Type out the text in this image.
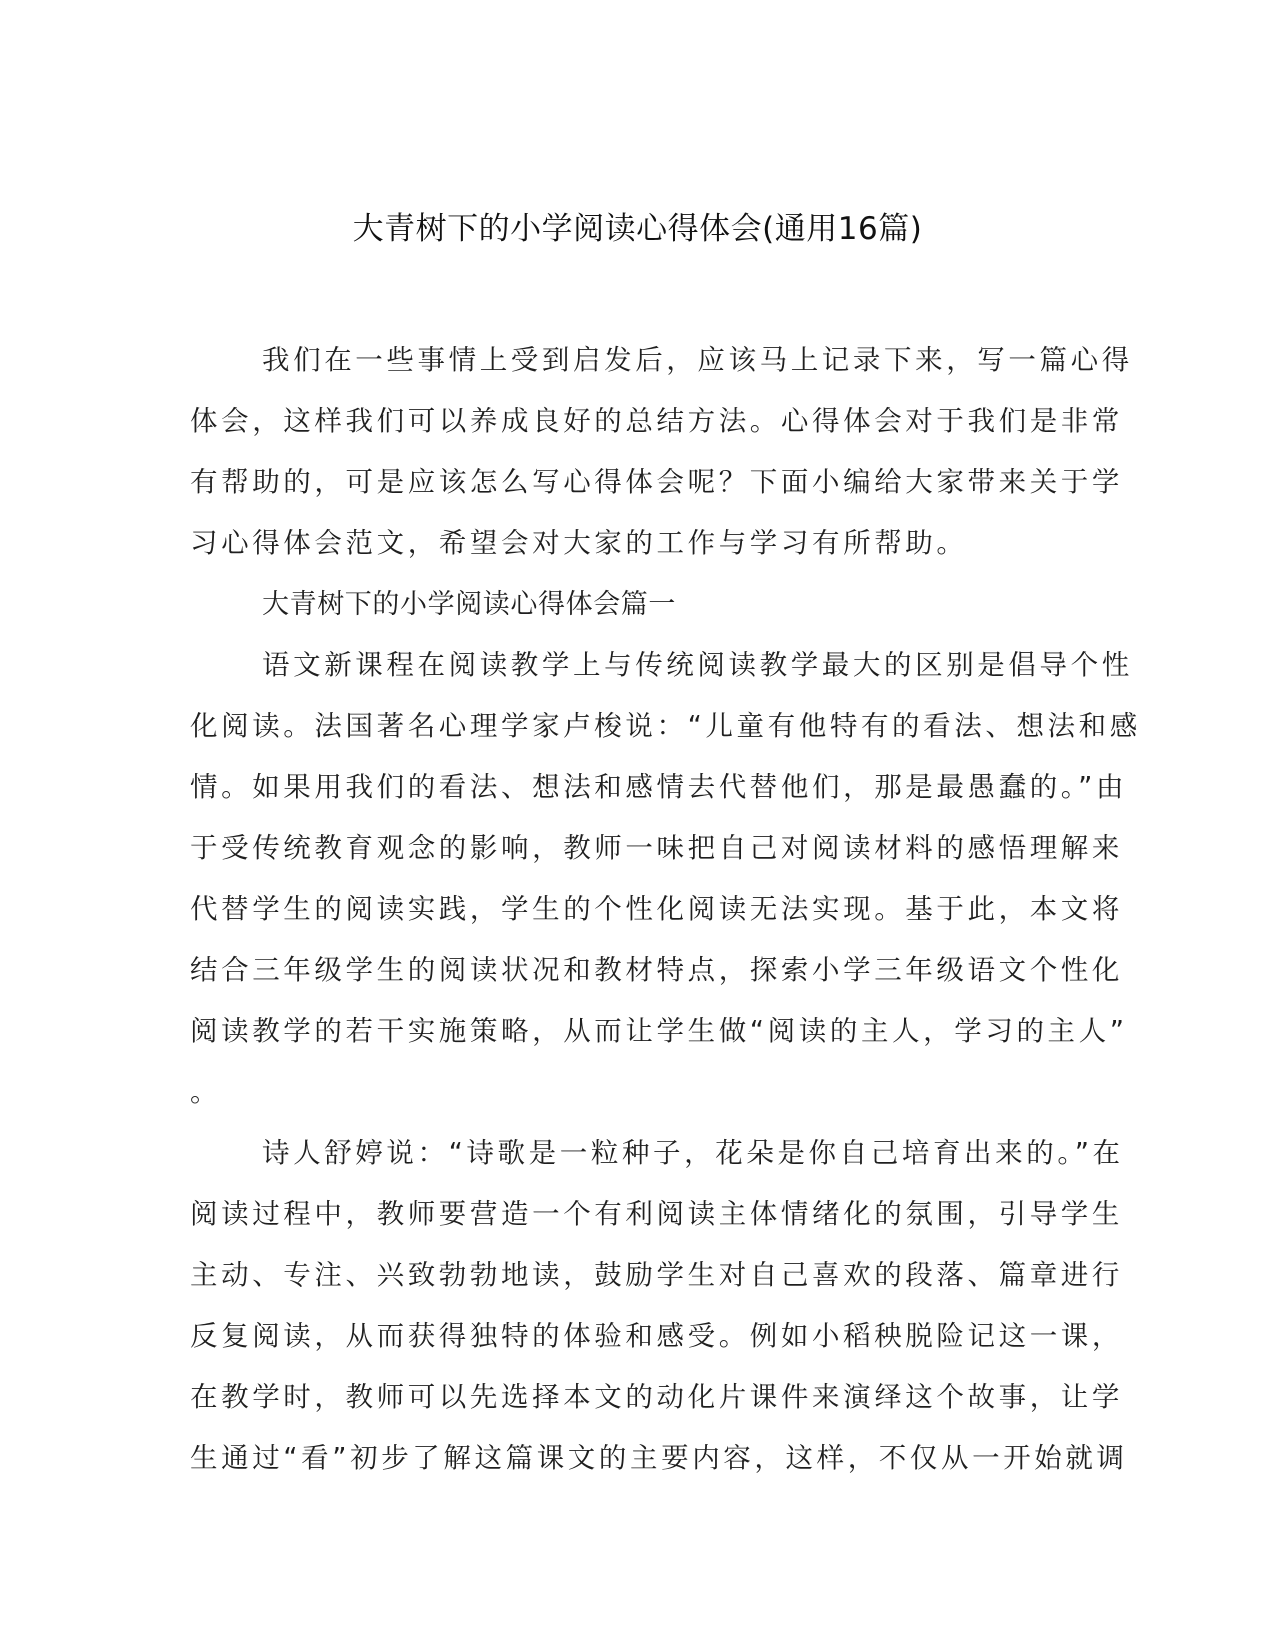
大青树下的小学阅读心得体会(通用16篇)
我们在一些事情上受到启发后，应该马上记录下来，写一篇心得
体会，这样我们可以养成良好的总结方法。心得体会对于我们是非常
有帮助的，可是应该怎么写心得体会呢？下面小编给大家带来关于学
习心得体会范文，希望会对大家的工作与学习有所帮助。
大青树下的小学阅读心得体会篇一
语文新课程在阅读教学上与传统阅读教学最大的区别是倡导个性
化阅读。法国著名心理学家卢梭说：“儿童有他特有的看法、想法和感
情。如果用我们的看法、想法和感情去代替他们，那是最愚蠢的。”由
于受传统教育观念的影响，教师一味把自己对阅读材料的感悟理解来
代替学生的阅读实践，学生的个性化阅读无法实现。基于此，本文将
结合三年级学生的阅读状况和教材特点，探索小学三年级语文个性化
阅读教学的若干实施策略，从而让学生做“阅读的主人，学习的主人”
。
诗人舒婷说：“诗歌是一粒种子，花朵是你自己培育出来的。”在
阅读过程中，教师要营造一个有利阅读主体情绪化的氛围，引导学生
主动、专注、兴致勃勃地读，鼓励学生对自己喜欢的段落、篇章进行
反复阅读，从而获得独特的体验和感受。例如小稻秧脱险记这一课，
在教学时，教师可以先选择本文的动化片课件来演绎这个故事，让学
生通过“看”初步了解这篇课文的主要内容，这样，不仅从一开始就调
